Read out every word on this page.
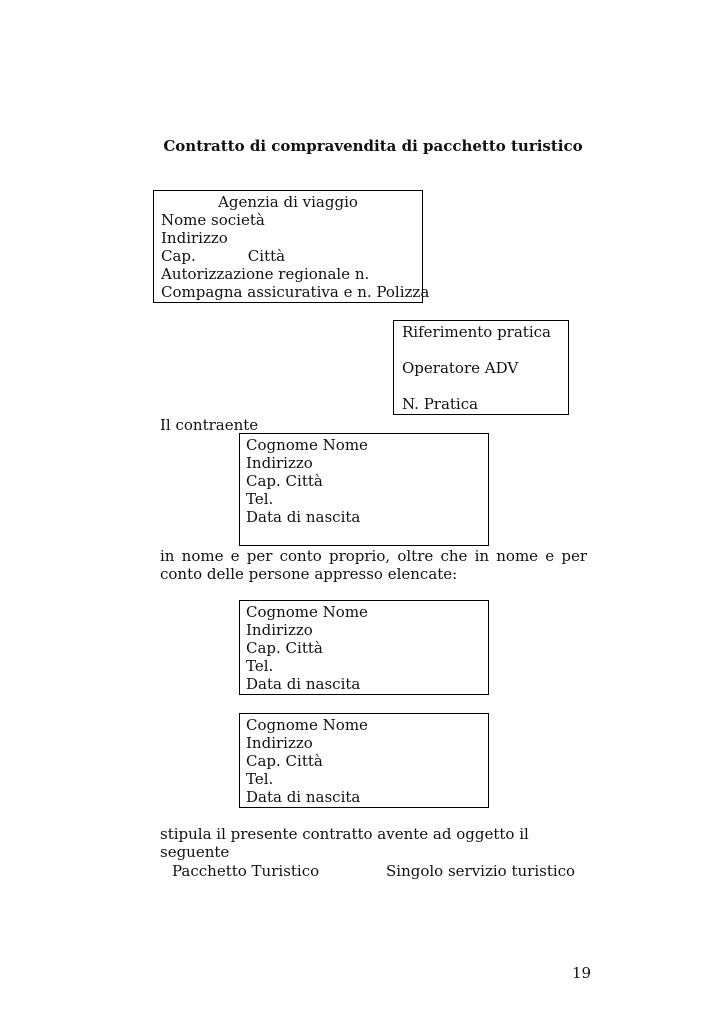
Contratto di compravendita di pacchetto turistico
Agenzia di viaggio
Nome società
Indirizzo
Cap.	Città
Autorizzazione regionale n.
Compagna assicurativa e n. Polizza
Riferimento pratica
Operatore ADV
N. Pratica
Il contraente
Cognome Nome
Indirizzo
Cap. Città
Tel.
Data di nascita
in nome e per conto proprio, oltre che in nome e per conto delle persone appresso elencate:
Cognome Nome
Indirizzo
Cap. Città
Tel.
Data di nascita
Cognome Nome
Indirizzo
Cap. Città
Tel.
Data di nascita
stipula il presente contratto avente ad oggetto il seguente
Pacchetto Turistico	Singolo servizio turistico
19
